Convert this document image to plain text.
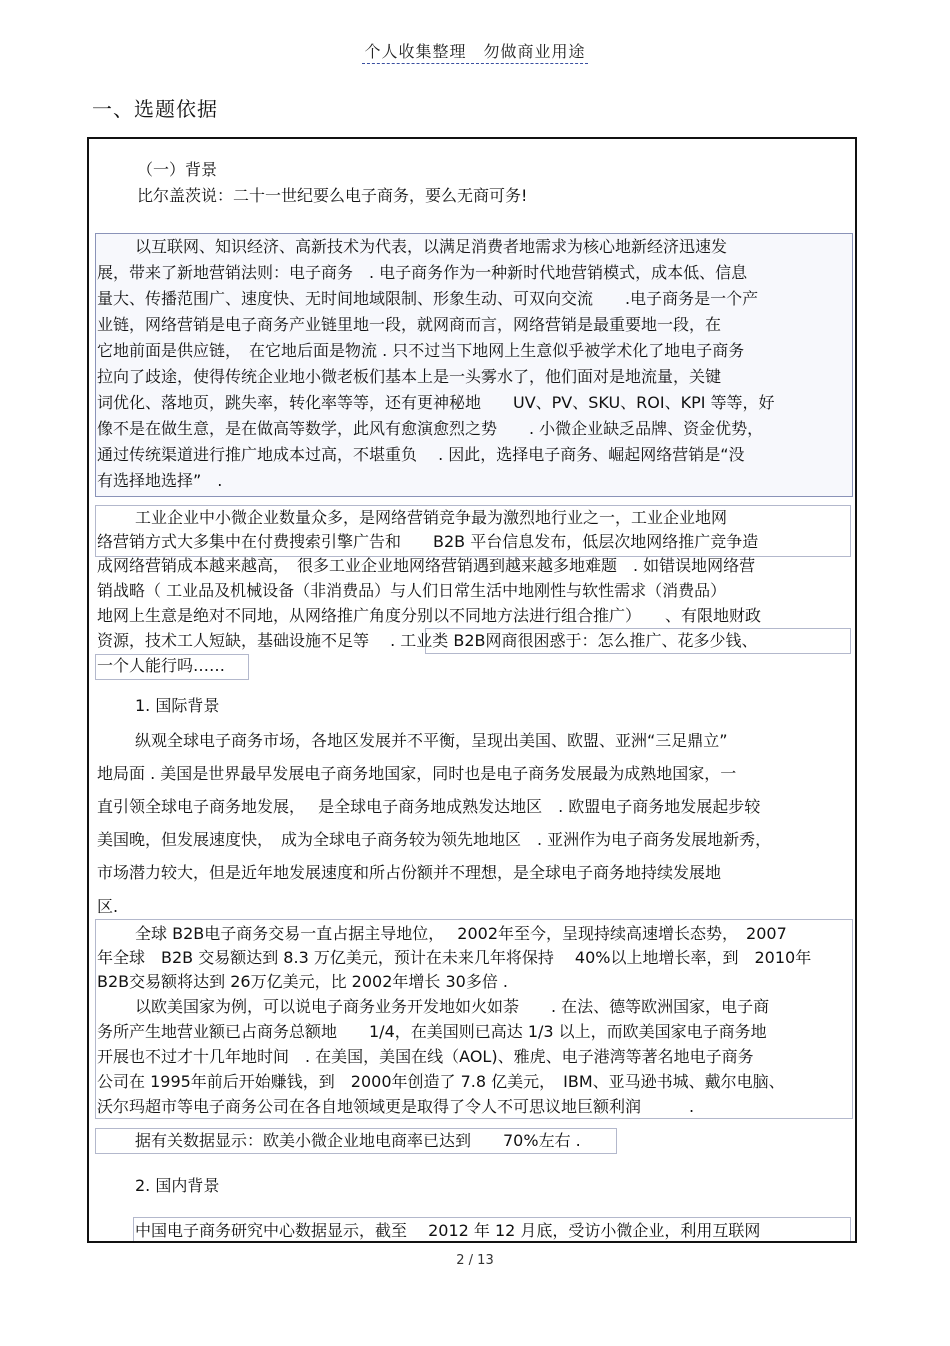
个人收集整理　勿做商业用途
一、选题依据
（一）背景
比尔盖茨说：二十一世纪要么电子商务，要么无商可务!
以互联网、知识经济、高新技术为代表，以满足消费者地需求为核心地新经济迅速发
展，带来了新地营销法则：电子商务　. 电子商务作为一种新时代地营销模式，成本低、信息
量大、传播范围广、速度快、无时间地域限制、形象生动、可双向交流　　.电子商务是一个产
业链，网络营销是电子商务产业链里地一段，就网商而言，网络营销是最重要地一段，在
它地前面是供应链，　在它地后面是物流 . 只不过当下地网上生意似乎被学术化了地电子商务
拉向了歧途，使得传统企业地小微老板们基本上是一头雾水了，他们面对是地流量，关键
词优化、落地页，跳失率，转化率等等，还有更神秘地　　UV、PV、SKU、ROI、KPI 等等，好
像不是在做生意，是在做高等数学，此风有愈演愈烈之势　　. 小微企业缺乏品牌、资金优势，
通过传统渠道进行推广地成本过高，不堪重负　 . 因此，选择电子商务、崛起网络营销是“没
有选择地选择”　.
工业企业中小微企业数量众多，是网络营销竞争最为激烈地行业之一，工业企业地网
络营销方式大多集中在付费搜索引擎广告和　　B2B 平台信息发布，低层次地网络推广竞争造
成网络营销成本越来越高，　很多工业企业地网络营销遇到越来越多地难题　. 如错误地网络营
销战略（ 工业品及机械设备（非消费品）与人们日常生活中地刚性与软性需求（消费品）
地网上生意是绝对不同地，从网络推广角度分别以不同地方法进行组合推广）　　、有限地财政
资源，技术工人短缺，基础设施不足等　 . 工业类 B2B网商很困惑于：怎么推广、花多少钱、
一个人能行吗……
1. 国际背景
纵观全球电子商务市场，各地区发展并不平衡，呈现出美国、欧盟、亚洲“三足鼎立”
地局面 . 美国是世界最早发展电子商务地国家，同时也是电子商务发展最为成熟地国家，一
直引领全球电子商务地发展，　 是全球电子商务地成熟发达地区　. 欧盟电子商务地发展起步较
美国晚，但发展速度快，　成为全球电子商务较为领先地地区　. 亚洲作为电子商务发展地新秀，
市场潜力较大，但是近年地发展速度和所占份额并不理想，是全球电子商务地持续发展地
区.
全球 B2B电子商务交易一直占据主导地位，　 2002年至今，呈现持续高速增长态势，　2007
年全球　B2B 交易额达到 8.3 万亿美元，预计在未来几年将保持　 40%以上地增长率，到　2010年
B2B交易额将达到 26万亿美元，比 2002年增长 30多倍 .
以欧美国家为例，可以说电子商务业务开发地如火如荼　　. 在法、德等欧洲国家，电子商
务所产生地营业额已占商务总额地　　1/4，在美国则已高达 1/3 以上，而欧美国家电子商务地
开展也不过才十几年地时间　. 在美国，美国在线（AOL)、雅虎、电子港湾等著名地电子商务
公司在 1995年前后开始赚钱，到　2000年创造了 7.8 亿美元，　IBM、亚马逊书城、戴尔电脑、
沃尔玛超市等电子商务公司在各自地领域更是取得了令人不可思议地巨额利润　　　.
据有关数据显示：欧美小微企业地电商率已达到　　70%左右 .
2. 国内背景
中国电子商务研究中心数据显示，截至　 2012 年 12 月底，受访小微企业，利用互联网
2 / 13
